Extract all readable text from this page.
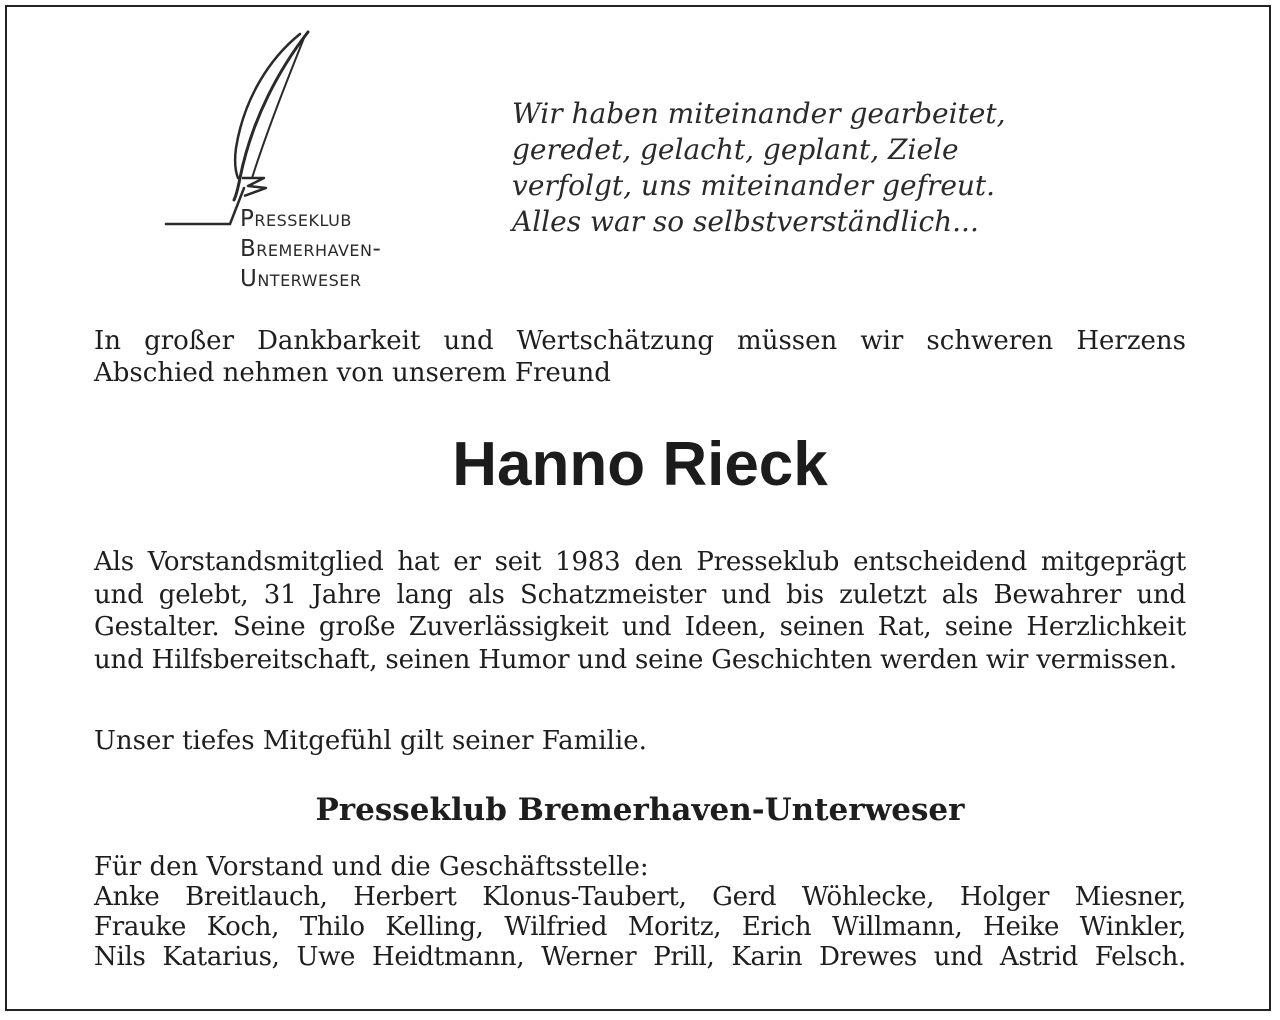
Presseklub
Bremerhaven-
Unterweser
Wir haben miteinander gearbeitet,
geredet, gelacht, geplant, Ziele
verfolgt, uns miteinander gefreut.
Alles war so selbstverständlich...
In großer Dankbarkeit und Wertschätzung müssen wir schweren Herzens Abschied nehmen von unserem Freund
Hanno Rieck
Als Vorstandsmitglied hat er seit 1983 den Presseklub entscheidend mitgeprägt und gelebt, 31 Jahre lang als Schatzmeister und bis zuletzt als Bewahrer und Gestalter. Seine große Zuverlässigkeit und Ideen, seinen Rat, seine Herzlichkeit und Hilfsbereitschaft, seinen Humor und seine Geschichten werden wir vermissen.
Unser tiefes Mitgefühl gilt seiner Familie.
Presseklub Bremerhaven-Unterweser
Für den Vorstand und die Geschäftsstelle:
Anke Breitlauch, Herbert Klonus-Taubert, Gerd Wöhlecke, Holger Miesner,
Frauke Koch, Thilo Kelling, Wilfried Moritz, Erich Willmann, Heike Winkler,
Nils Katarius, Uwe Heidtmann, Werner Prill, Karin Drewes und Astrid Felsch.
